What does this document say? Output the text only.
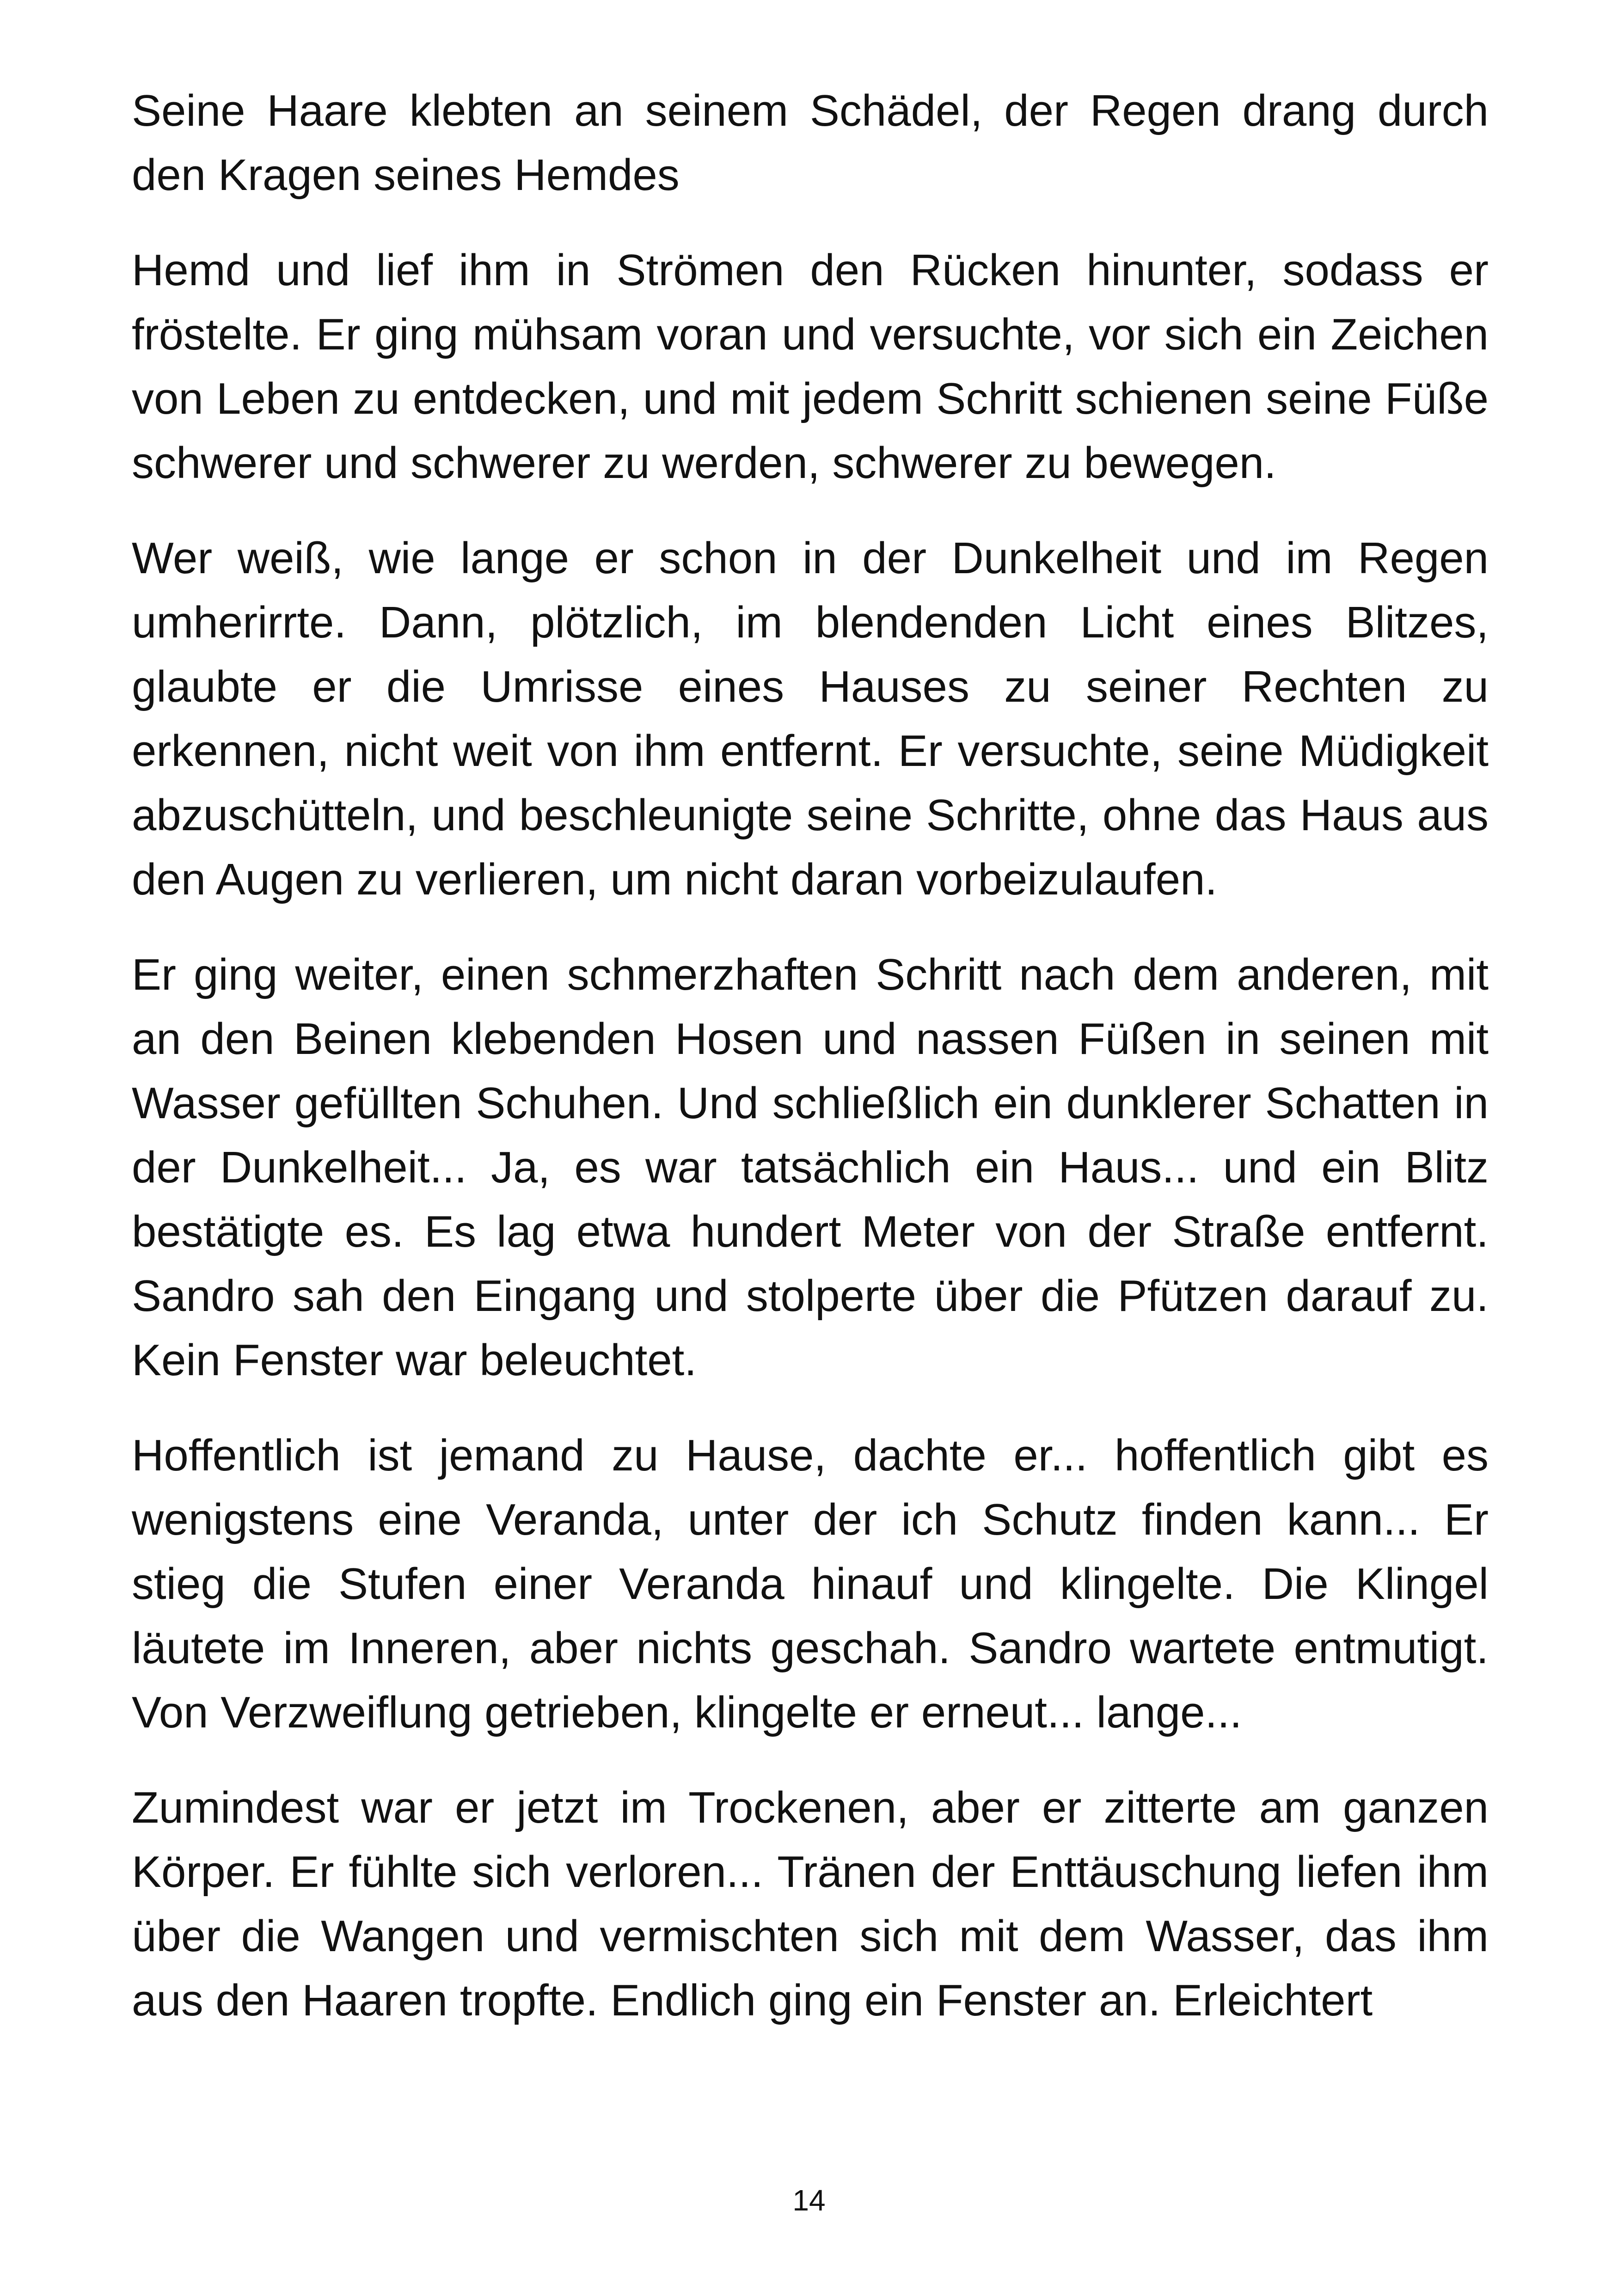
Seine Haare klebten an seinem Schädel, der Regen drang durch den Kragen seines Hemdes

Hemd und lief ihm in Strömen den Rücken hinunter, sodass er fröstelte. Er ging mühsam voran und versuchte, vor sich ein Zeichen von Leben zu entdecken, und mit jedem Schritt schienen seine Füße schwerer und schwerer zu werden, schwerer zu bewegen.

Wer weiß, wie lange er schon in der Dunkelheit und im Regen umherirrte. Dann, plötzlich, im blendenden Licht eines Blitzes, glaubte er die Umrisse eines Hauses zu seiner Rechten zu erkennen, nicht weit von ihm entfernt. Er versuchte, seine Müdigkeit abzuschütteln, und beschleunigte seine Schritte, ohne das Haus aus den Augen zu verlieren, um nicht daran vorbeizulaufen.

Er ging weiter, einen schmerzhaften Schritt nach dem anderen, mit an den Beinen klebenden Hosen und nassen Füßen in seinen mit Wasser gefüllten Schuhen. Und schließlich ein dunklerer Schatten in der Dunkelheit... Ja, es war tatsächlich ein Haus... und ein Blitz bestätigte es. Es lag etwa hundert Meter von der Straße entfernt. Sandro sah den Eingang und stolperte über die Pfützen darauf zu. Kein Fenster war beleuchtet.

Hoffentlich ist jemand zu Hause, dachte er... hoffentlich gibt es wenigstens eine Veranda, unter der ich Schutz finden kann... Er stieg die Stufen einer Veranda hinauf und klingelte. Die Klingel läutete im Inneren, aber nichts geschah. Sandro wartete entmutigt. Von Verzweiflung getrieben, klingelte er erneut... lange...

Zumindest war er jetzt im Trockenen, aber er zitterte am ganzen Körper. Er fühlte sich verloren... Tränen der Enttäuschung liefen ihm über die Wangen und vermischten sich mit dem Wasser, das ihm aus den Haaren tropfte. Endlich ging ein Fenster an. Erleichtert

14
